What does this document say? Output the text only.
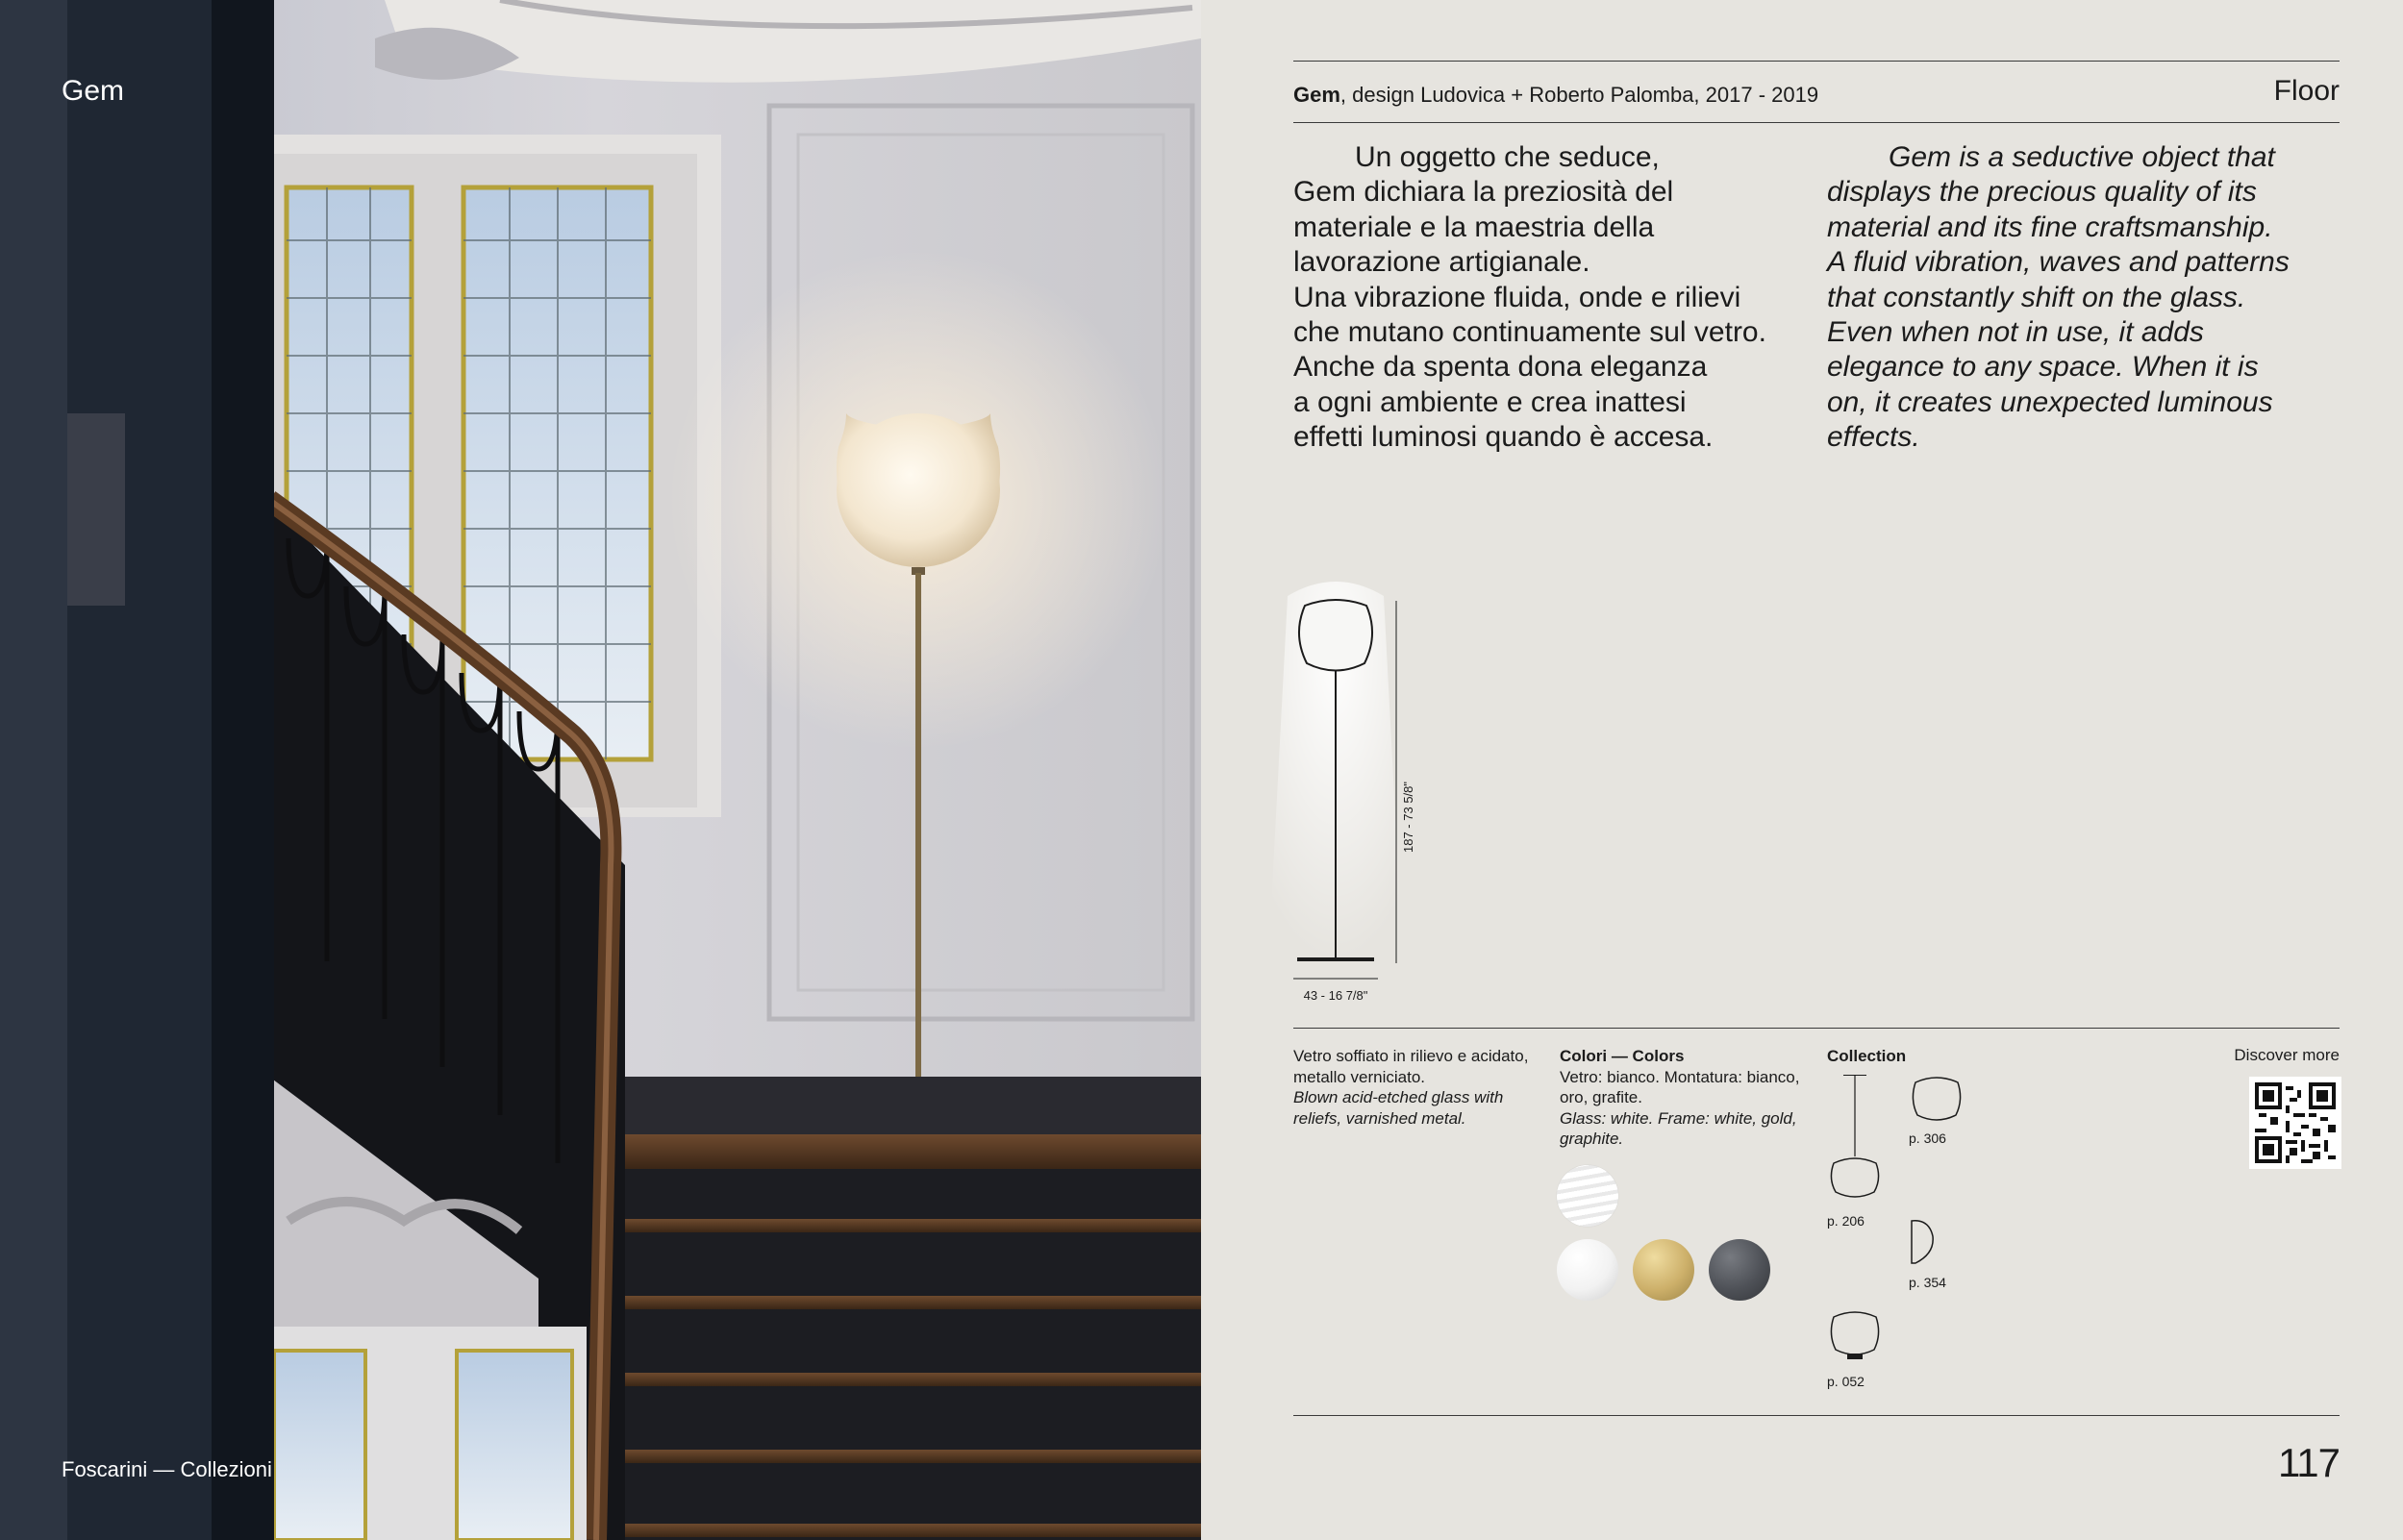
Gem
Foscarini — Collezioni
Gem, design Ludovica + Roberto Palomba, 2017 - 2019	Floor

Un oggetto che seduce,
Gem dichiara la preziosità del
materiale e la maestria della
lavorazione artigianale.
Una vibrazione fluida, onde e rilievi
che mutano continuamente sul vetro.
Anche da spenta dona eleganza
a ogni ambiente e crea inattesi
effetti luminosi quando è accesa.

Gem is a seductive object that
displays the precious quality of its
material and its fine craftsmanship.
A fluid vibration, waves and patterns
that constantly shift on the glass.
Even when not in use, it adds
elegance to any space. When it is
on, it creates unexpected luminous
effects.

187 - 73 5/8"
43 - 16 7/8"
Vetro soffiato in rilievo e acidato, metallo verniciato.
Blown acid-etched glass with reliefs, varnished metal.
Colori — Colors
Vetro: bianco. Montatura: bianco, oro, grafite.
Glass: white. Frame: white, gold, graphite.
Collection
p. 206
p. 306
p. 354
p. 052
Discover more
117
